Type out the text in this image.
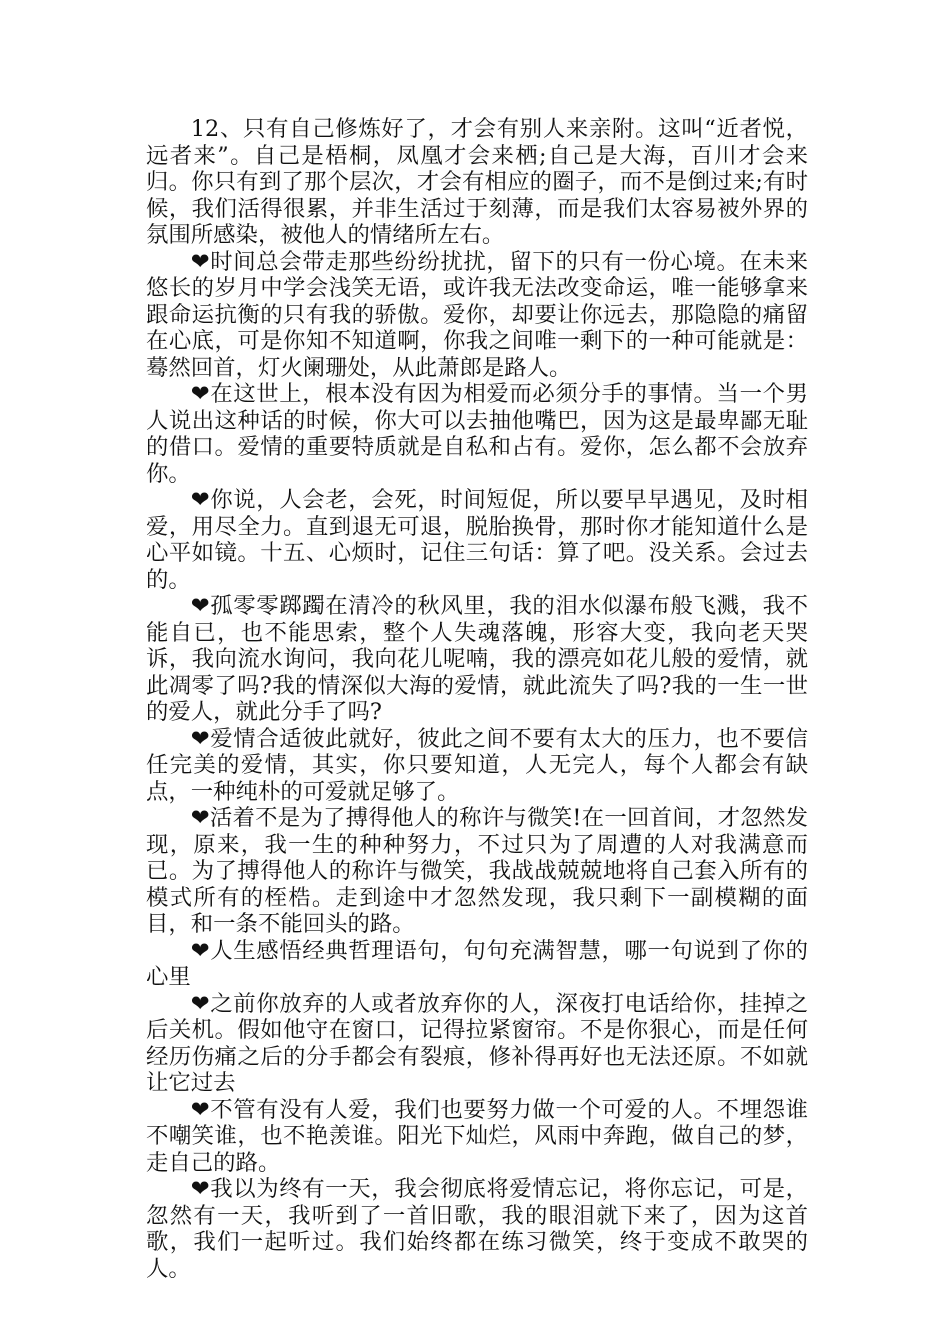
12、只有自己修炼好了，才会有别人来亲附。这叫“近者悦，远者来”。自己是梧桐，凤凰才会来栖;自己是大海，百川才会来归。你只有到了那个层次，才会有相应的圈子，而不是倒过来;有时候，我们活得很累，并非生活过于刻薄，而是我们太容易被外界的氛围所感染，被他人的情绪所左右。

❤时间总会带走那些纷纷扰扰，留下的只有一份心境。在未来悠长的岁月中学会浅笑无语，或许我无法改变命运，唯一能够拿来跟命运抗衡的只有我的骄傲。爱你，却要让你远去，那隐隐的痛留在心底，可是你知不知道啊，你我之间唯一剩下的一种可能就是：蓦然回首，灯火阑珊处，从此萧郎是路人。

❤在这世上，根本没有因为相爱而必须分手的事情。当一个男人说出这种话的时候，你大可以去抽他嘴巴，因为这是最卑鄙无耻的借口。爱情的重要特质就是自私和占有。爱你，怎么都不会放弃你。

❤你说，人会老，会死，时间短促，所以要早早遇见，及时相爱，用尽全力。直到退无可退，脱胎换骨，那时你才能知道什么是心平如镜。十五、心烦时，记住三句话：算了吧。没关系。会过去的。

❤孤零零踯躅在清冷的秋风里，我的泪水似瀑布般飞溅，我不能自已，也不能思索，整个人失魂落魄，形容大变，我向老天哭诉，我向流水询问，我向花儿呢喃，我的漂亮如花儿般的爱情，就此凋零了吗?我的情深似大海的爱情，就此流失了吗?我的一生一世的爱人，就此分手了吗?

❤爱情合适彼此就好，彼此之间不要有太大的压力，也不要信任完美的爱情，其实，你只要知道，人无完人，每个人都会有缺点，一种纯朴的可爱就足够了。

❤活着不是为了搏得他人的称许与微笑!在一回首间，才忽然发现，原来，我一生的种种努力，不过只为了周遭的人对我满意而已。为了搏得他人的称许与微笑，我战战兢兢地将自己套入所有的模式所有的桎梏。走到途中才忽然发现，我只剩下一副模糊的面目，和一条不能回头的路。

❤人生感悟经典哲理语句，句句充满智慧，哪一句说到了你的心里

❤之前你放弃的人或者放弃你的人，深夜打电话给你，挂掉之后关机。假如他守在窗口，记得拉紧窗帘。不是你狠心，而是任何经历伤痛之后的分手都会有裂痕，修补得再好也无法还原。不如就让它过去

❤不管有没有人爱，我们也要努力做一个可爱的人。不埋怨谁不嘲笑谁，也不艳羡谁。阳光下灿烂，风雨中奔跑，做自己的梦，走自己的路。

❤我以为终有一天，我会彻底将爱情忘记，将你忘记，可是，忽然有一天，我听到了一首旧歌，我的眼泪就下来了，因为这首歌，我们一起听过。我们始终都在练习微笑，终于变成不敢哭的人。
